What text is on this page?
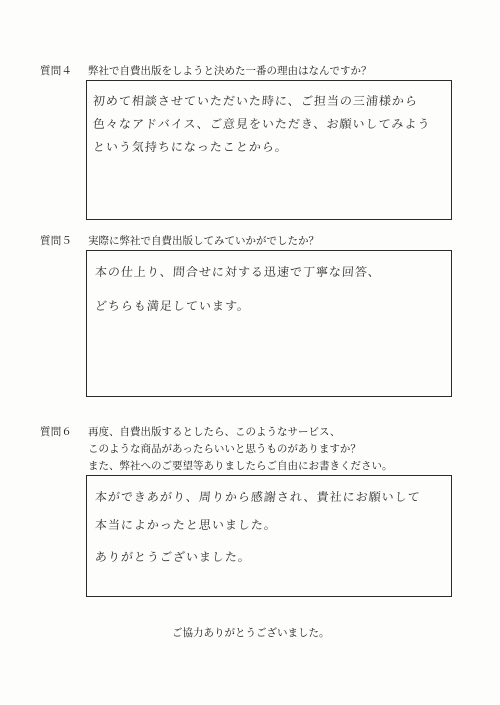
質問４ 弊社で自費出版をしようと決めた一番の理由はなんですか？
初めて相談させていただいた時に、ご担当の三浦様から
色々なアドバイス、ご意見をいただき、お願いしてみよう
という気持ちになったことから。
質問５ 実際に弊社で自費出版してみていかがでしたか？
本の仕上り、問合せに対する迅速で丁寧な回答、
どちらも満足しています。
質問６ 再度、自費出版するとしたら、このようなサービス、
このような商品があったらいいと思うものがありますか？
また、弊社へのご要望等ありましたらご自由にお書きください。
本ができあがり、周りから感謝され、貴社にお願いして
本当によかったと思いました。
ありがとうございました。
ご協力ありがとうございました。
